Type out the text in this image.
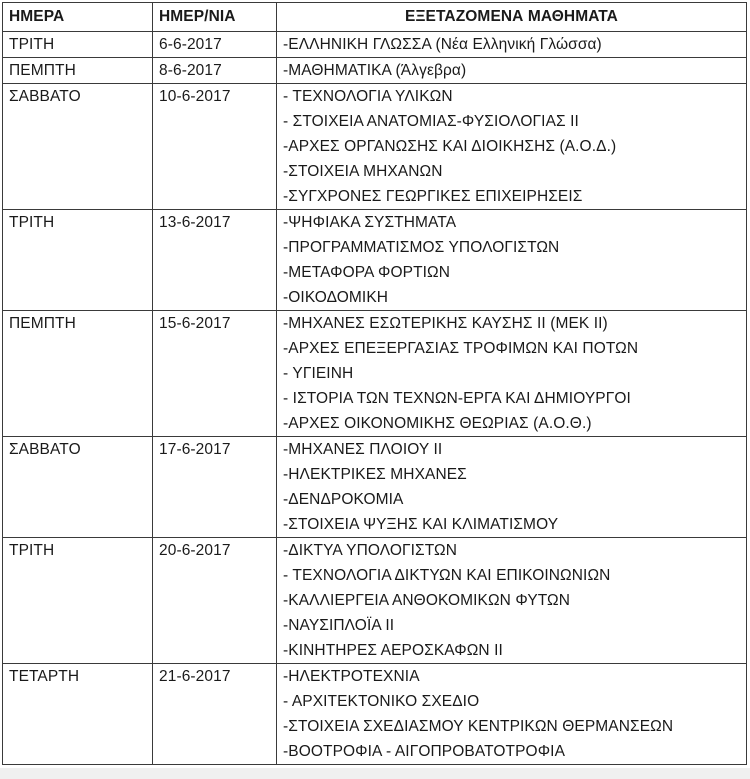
ΗΜΕΡΑ	ΗΜΕΡ/ΝΙΑ	ΕΞΕΤΑΖΟΜΕΝΑ ΜΑΘΗΜΑΤΑ
ΤΡΙΤΗ	6-6-2017	-ΕΛΛΗΝΙΚΗ ΓΛΩΣΣΑ (Νέα Ελληνική Γλώσσα)

ΠΕΜΠΤΗ	8-6-2017	-ΜΑΘΗΜΑΤΙΚΑ (Άλγεβρα)

ΣΑΒΒΑΤΟ	10-6-2017	- ΤΕΧΝΟΛΟΓΙΑ ΥΛΙΚΩΝ
- ΣΤΟΙΧΕΙΑ ΑΝΑΤΟΜΙΑΣ-ΦΥΣΙΟΛΟΓΙΑΣ ΙΙ
-ΑΡΧΕΣ ΟΡΓΑΝΩΣΗΣ ΚΑΙ ΔΙΟΙΚΗΣΗΣ (Α.Ο.Δ.)
-ΣΤΟΙΧΕΙΑ ΜΗΧΑΝΩΝ
-ΣΥΓΧΡΟΝΕΣ ΓΕΩΡΓΙΚΕΣ ΕΠΙΧΕΙΡΗΣΕΙΣ

ΤΡΙΤΗ	13-6-2017	-ΨΗΦΙΑΚΑ ΣΥΣΤΗΜΑΤΑ
-ΠΡΟΓΡΑΜΜΑΤΙΣΜΟΣ ΥΠΟΛΟΓΙΣΤΩΝ
-ΜΕΤΑΦΟΡΑ ΦΟΡΤΙΩΝ
-ΟΙΚΟΔΟΜΙΚΗ

ΠΕΜΠΤΗ	15-6-2017	-ΜΗΧΑΝΕΣ ΕΣΩΤΕΡΙΚΗΣ ΚΑΥΣΗΣ ΙΙ (ΜΕΚ ΙΙ)
-ΑΡΧΕΣ ΕΠΕΞΕΡΓΑΣΙΑΣ ΤΡΟΦΙΜΩΝ ΚΑΙ ΠΟΤΩΝ
- ΥΓΙΕΙΝΗ
- ΙΣΤΟΡΙΑ ΤΩΝ ΤΕΧΝΩΝ-ΕΡΓΑ ΚΑΙ ΔΗΜΙΟΥΡΓΟΙ
-ΑΡΧΕΣ ΟΙΚΟΝΟΜΙΚΗΣ ΘΕΩΡΙΑΣ (Α.Ο.Θ.)

ΣΑΒΒΑΤΟ	17-6-2017	-ΜΗΧΑΝΕΣ ΠΛΟΙΟΥ ΙΙ
-ΗΛΕΚΤΡΙΚΕΣ ΜΗΧΑΝΕΣ
-ΔΕΝΔΡΟΚΟΜΙΑ
-ΣΤΟΙΧΕΙΑ ΨΥΞΗΣ ΚΑΙ ΚΛΙΜΑΤΙΣΜΟΥ

ΤΡΙΤΗ	20-6-2017	-ΔΙΚΤΥΑ ΥΠΟΛΟΓΙΣΤΩΝ
- ΤΕΧΝΟΛΟΓΙΑ ΔΙΚΤΥΩΝ ΚΑΙ ΕΠΙΚΟΙΝΩΝΙΩΝ
-ΚΑΛΛΙΕΡΓΕΙΑ ΑΝΘΟΚΟΜΙΚΩΝ ΦΥΤΩΝ
-ΝΑΥΣΙΠΛΟΪΑ ΙΙ
-ΚΙΝΗΤΗΡΕΣ ΑΕΡΟΣΚΑΦΩΝ ΙΙ

ΤΕΤΑΡΤΗ	21-6-2017	-ΗΛΕΚΤΡΟΤΕΧΝΙΑ
- ΑΡΧΙΤΕΚΤΟΝΙΚΟ ΣΧΕΔΙΟ
-ΣΤΟΙΧΕΙΑ ΣΧΕΔΙΑΣΜΟΥ ΚΕΝΤΡΙΚΩΝ ΘΕΡΜΑΝΣΕΩΝ
-ΒΟΟΤΡΟΦΙΑ - ΑΙΓΟΠΡΟΒΑΤΟΤΡΟΦΙΑ
